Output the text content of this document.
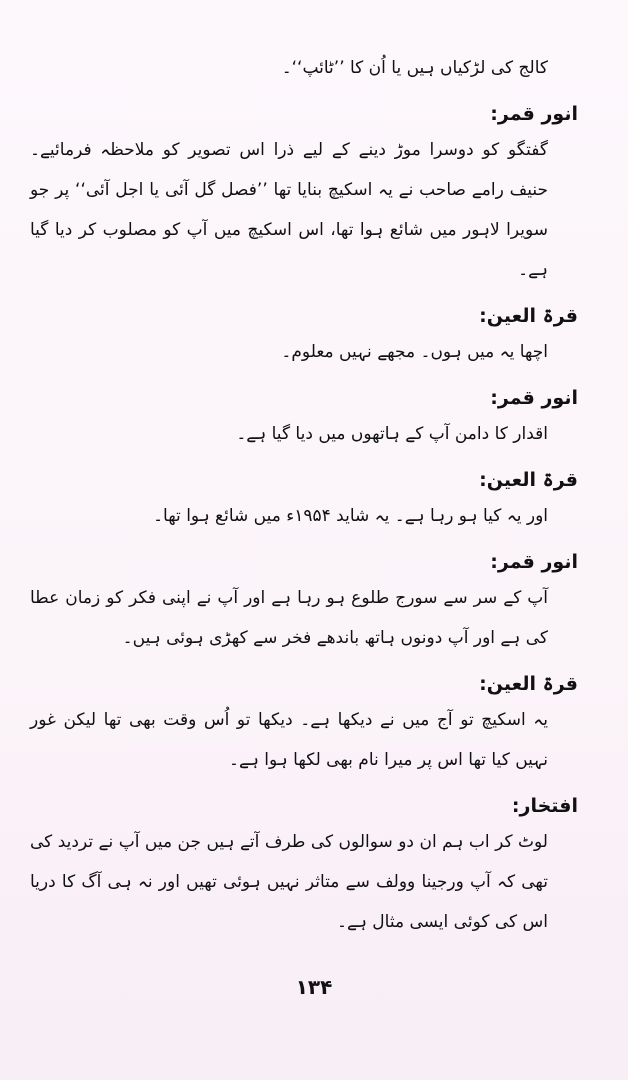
کالج کی لڑکیاں ہیں یا اُن کا ’’ٹائپ‘‘۔
انور قمر:
گفتگو کو دوسرا موڑ دینے کے لیے ذرا اس تصویر کو ملاحظہ فرمائیے۔ حنیف رامے صاحب نے یہ اسکیچ بنایا تھا ’’فصل گل آئی یا اجل آئی‘‘ پر جو سویرا لاہور میں شائع ہوا تھا، اس اسکیچ میں آپ کو مصلوب کر دیا گیا ہے۔
قرۃ العین:
اچھا یہ میں ہوں۔ مجھے نہیں معلوم۔
انور قمر:
اقدار کا دامن آپ کے ہاتھوں میں دیا گیا ہے۔
قرۃ العین:
اور یہ کیا ہو رہا ہے۔ یہ شاید ۱۹۵۴ء میں شائع ہوا تھا۔
انور قمر:
آپ کے سر سے سورج طلوع ہو رہا ہے اور آپ نے اپنی فکر کو زمان عطا کی ہے اور آپ دونوں ہاتھ باندھے فخر سے کھڑی ہوئی ہیں۔
قرۃ العین:
یہ اسکیچ تو آج میں نے دیکھا ہے۔ دیکھا تو اُس وقت بھی تھا لیکن غور نہیں کیا تھا اس پر میرا نام بھی لکھا ہوا ہے۔
افتخار:
لوٹ کر اب ہم ان دو سوالوں کی طرف آتے ہیں جن میں آپ نے تردید کی تھی کہ آپ ورجینا وولف سے متاثر نہیں ہوئی تھیں اور نہ ہی آگ کا دریا اس کی کوئی ایسی مثال ہے۔
۱۳۴
